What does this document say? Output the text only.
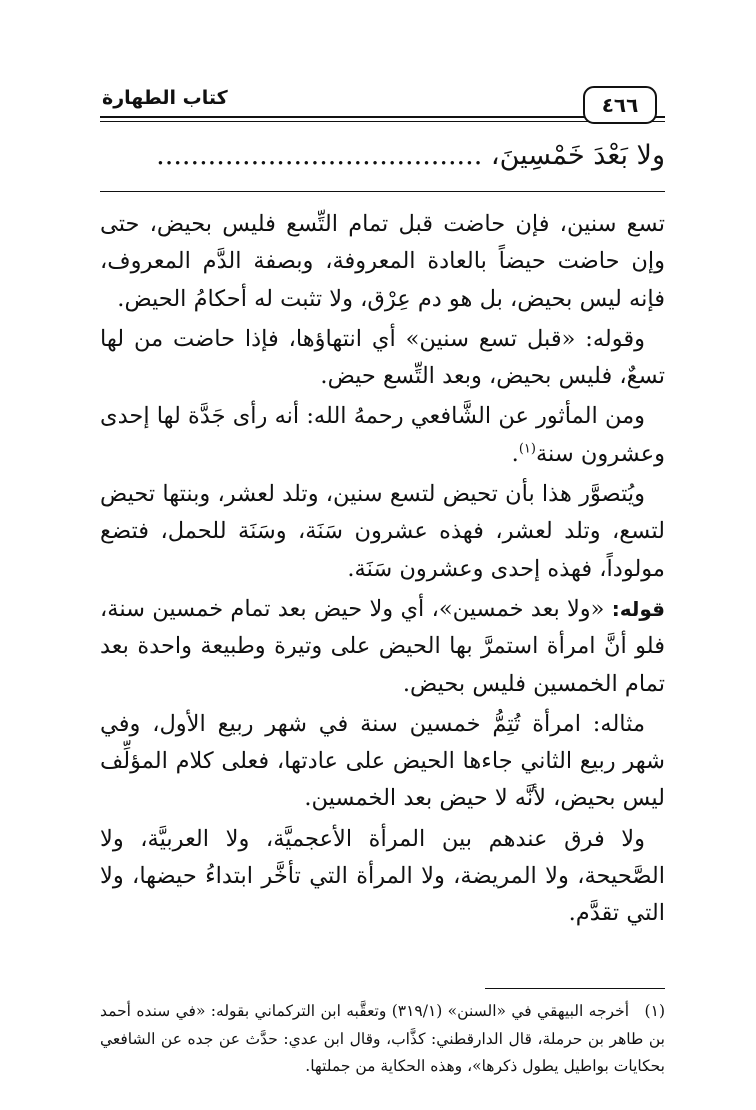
٤٦٦
كتاب الطهارة
ولا بَعْدَ خَمْسِينَ، ......................................

تسع سنين، فإن حاضت قبل تمام التِّسع فليس بحيض، حتى وإن حاضت حيضاً بالعادة المعروفة، وبصفة الدَّم المعروف، فإنه ليس بحيض، بل هو دم عِرْق، ولا تثبت له أحكامُ الحيض.

وقوله: «قبل تسع سنين» أي انتهاؤها، فإذا حاضت من لها تسعٌ، فليس بحيض، وبعد التِّسع حيض.

ومن المأثور عن الشَّافعي رحمهُ الله: أنه رأى جَدَّة لها إحدى وعشرون سنة$^{(١)}$.

ويُتصوَّر هذا بأن تحيض لتسع سنين، وتلد لعشر، وبنتها تحيض لتسع، وتلد لعشر، فهذه عشرون سَنَة، وسَنَة للحمل، فتضع مولوداً، فهذه إحدى وعشرون سَنَة.

قوله: «ولا بعد خمسين»، أي ولا حيض بعد تمام خمسين سنة، فلو أنَّ امرأة استمرَّ بها الحيض على وتيرة وطبيعة واحدة بعد تمام الخمسين فليس بحيض.

مثاله: امرأة تُتِمُّ خمسين سنة في شهر ربيع الأول، وفي شهر ربيع الثاني جاءها الحيض على عادتها، فعلى كلام المؤلِّف ليس بحيض، لأنَّه لا حيض بعد الخمسين.

ولا فرق عندهم بين المرأة الأعجميَّة، ولا العربيَّة، ولا الصَّحيحة، ولا المريضة، ولا المرأة التي تأخَّر ابتداءُ حيضها، ولا التي تقدَّم.

(١)أخرجه البيهقي في «السنن» (٣١٩/١) وتعقَّبه ابن التركماني بقوله: «في سنده أحمد بن طاهر بن حرملة، قال الدارقطني: كذَّاب، وقال ابن عدي: حدَّث عن جده عن الشافعي بحكايات بواطيل يطول ذكرها»، وهذه الحكاية من جملتها.
